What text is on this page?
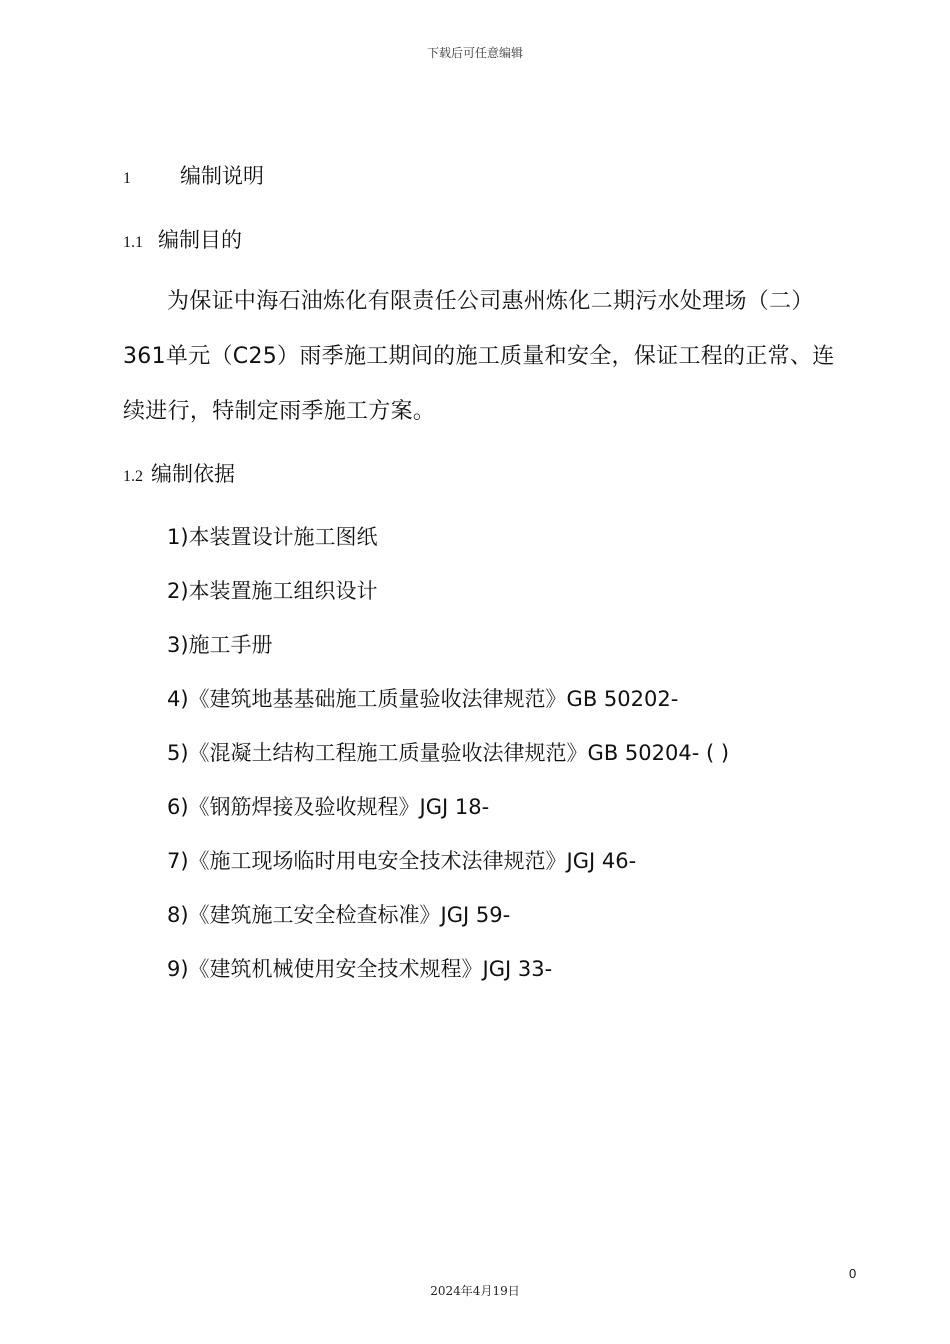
下载后可任意编辑
1	编制说明
1.1 编制目的
为保证中海石油炼化有限责任公司惠州炼化二期污水处理场（二）361单元（C25）雨季施工期间的施工质量和安全，保证工程的正常、连续进行，特制定雨季施工方案。
1.2 编制依据
1)本装置设计施工图纸
2)本装置施工组织设计
3)施工手册
4)《建筑地基基础施工质量验收法律规范》GB 50202-
5)《混凝土结构工程施工质量验收法律规范》GB 50204- ( )
6)《钢筋焊接及验收规程》JGJ 18-
7)《施工现场临时用电安全技术法律规范》JGJ 46-
8)《建筑施工安全检查标准》JGJ 59-
9)《建筑机械使用安全技术规程》JGJ 33-
0
2024年4月19日
